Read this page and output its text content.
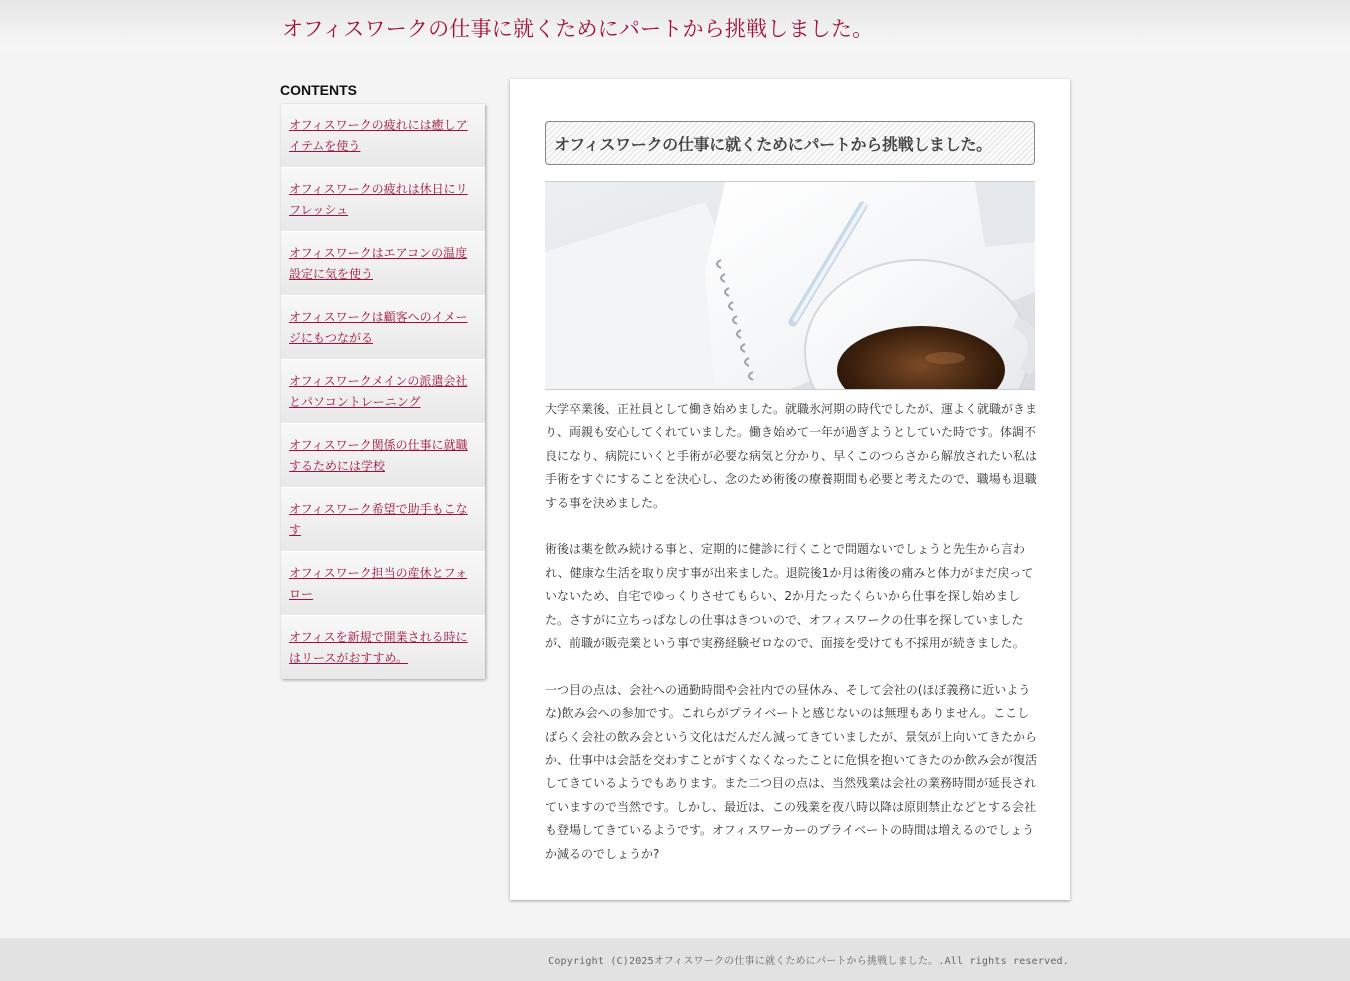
オフィスワークの仕事に就くためにパートから挑戦しました。
CONTENTS
オフィスワークの疲れには癒しアイテムを使う
オフィスワークの疲れは休日にリフレッシュ
オフィスワークはエアコンの温度設定に気を使う
オフィスワークは顧客へのイメージにもつながる
オフィスワークメインの派遣会社とパソコントレーニング
オフィスワーク関係の仕事に就職するためには学校
オフィスワーク希望で助手もこなす
オフィスワーク担当の産休とフォロー
オフィスを新規で開業される時にはリースがおすすめ。
オフィスワークの仕事に就くためにパートから挑戦しました。

大学卒業後、正社員として働き始めました。就職氷河期の時代でしたが、運よく就職がきまり、両親も安心してくれていました。働き始めて一年が過ぎようとしていた時です。体調不良になり、病院にいくと手術が必要な病気と分かり、早くこのつらさから解放されたい私は手術をすぐにすることを決心し、念のため術後の療養期間も必要と考えたので、職場も退職する事を決めました。

術後は薬を飲み続ける事と、定期的に健診に行くことで問題ないでしょうと先生から言われ、健康な生活を取り戻す事が出来ました。退院後1か月は術後の痛みと体力がまだ戻っていないため、自宅でゆっくりさせてもらい、2か月たったくらいから仕事を探し始めました。さすがに立ちっぱなしの仕事はきついので、オフィスワークの仕事を探していましたが、前職が販売業という事で実務経験ゼロなので、面接を受けても不採用が続きました。

一つ目の点は、会社への通勤時間や会社内での昼休み、そして会社の(ほぼ義務に近いような)飲み会への参加です。これらがプライベートと感じないのは無理もありません。ここしばらく会社の飲み会という文化はだんだん減ってきていましたが、景気が上向いてきたからか、仕事中は会話を交わすことがすくなくなったことに危惧を抱いてきたのか飲み会が復活してきているようでもあります。また二つ目の点は、当然残業は会社の業務時間が延長されていますので当然です。しかし、最近は、この残業を夜八時以降は原則禁止などとする会社も登場してきているようです。オフィスワーカーのプライベートの時間は増えるのでしょうか減るのでしょうか?

Copyright (C)2025オフィスワークの仕事に就くためにパートから挑戦しました。.All rights reserved.
